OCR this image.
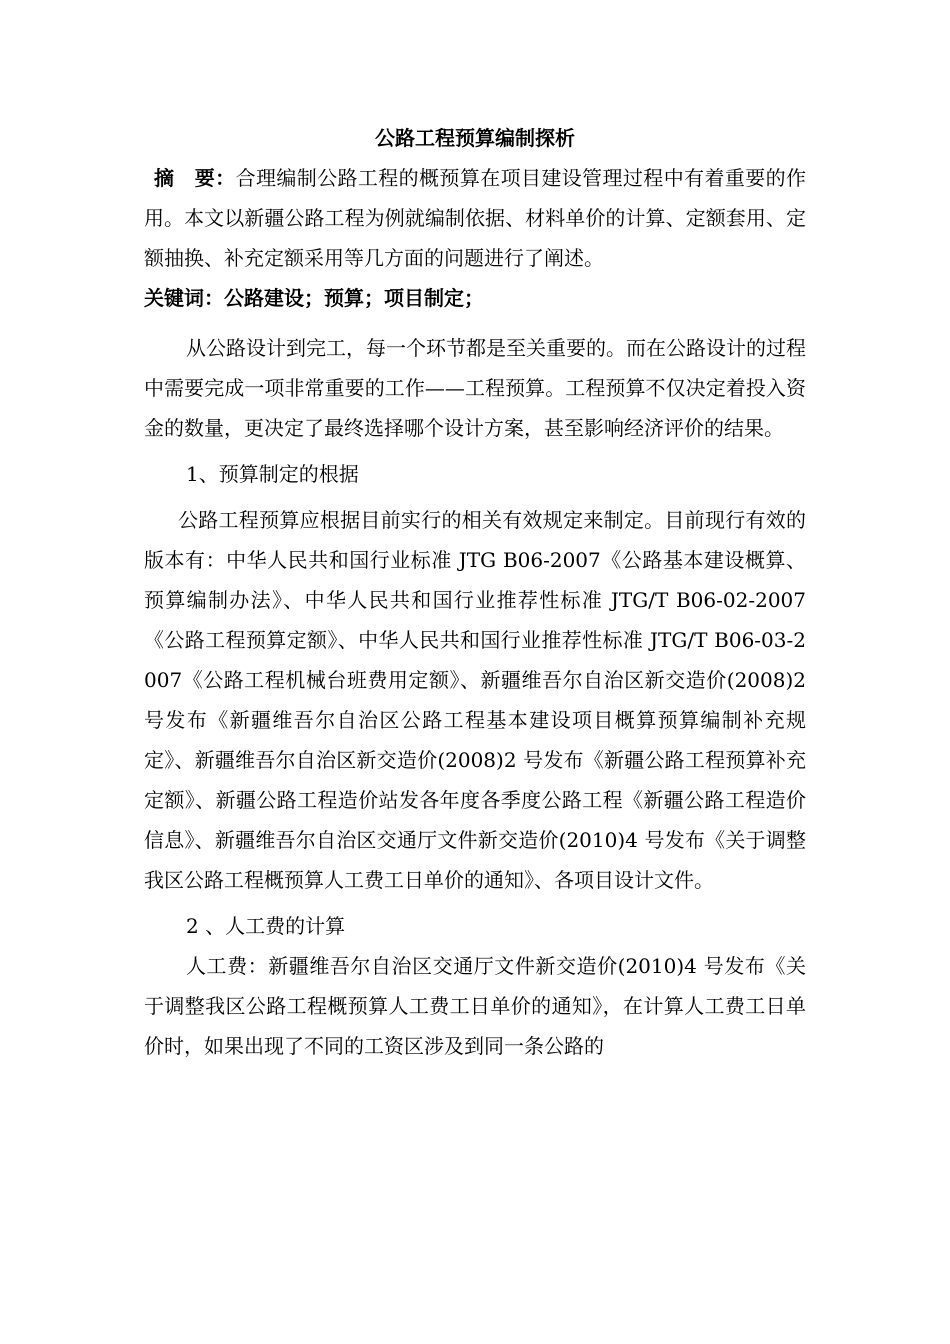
公路工程预算编制探析

摘　要：合理编制公路工程的概预算在项目建设管理过程中有着重要的作用。本文以新疆公路工程为例就编制依据、材料单价的计算、定额套用、定额抽换、补充定额采用等几方面的问题进行了阐述。

关键词：公路建设；预算；项目制定；

从公路设计到完工，每一个环节都是至关重要的。而在公路设计的过程中需要完成一项非常重要的工作——工程预算。工程预算不仅决定着投入资金的数量，更决定了最终选择哪个设计方案，甚至影响经济评价的结果。

1、预算制定的根据

公路工程预算应根据目前实行的相关有效规定来制定。目前现行有效的版本有：中华人民共和国行业标准 JTG B06-2007《公路基本建设概算、预算编制办法》、中华人民共和国行业推荐性标准 JTG/T B06-02-2007《公路工程预算定额》、中华人民共和国行业推荐性标准 JTG/T B06-03-2007《公路工程机械台班费用定额》、新疆维吾尔自治区新交造价(2008)2 号发布《新疆维吾尔自治区公路工程基本建设项目概算预算编制补充规定》、新疆维吾尔自治区新交造价(2008)2 号发布《新疆公路工程预算补充定额》、新疆公路工程造价站发各年度各季度公路工程《新疆公路工程造价信息》、新疆维吾尔自治区交通厅文件新交造价(2010)4 号发布《关于调整我区公路工程概预算人工费工日单价的通知》、各项目设计文件。

2 、人工费的计算

人工费：新疆维吾尔自治区交通厅文件新交造价(2010)4 号发布《关于调整我区公路工程概预算人工费工日单价的通知》，在计算人工费工日单价时，如果出现了不同的工资区涉及到同一条公路的
